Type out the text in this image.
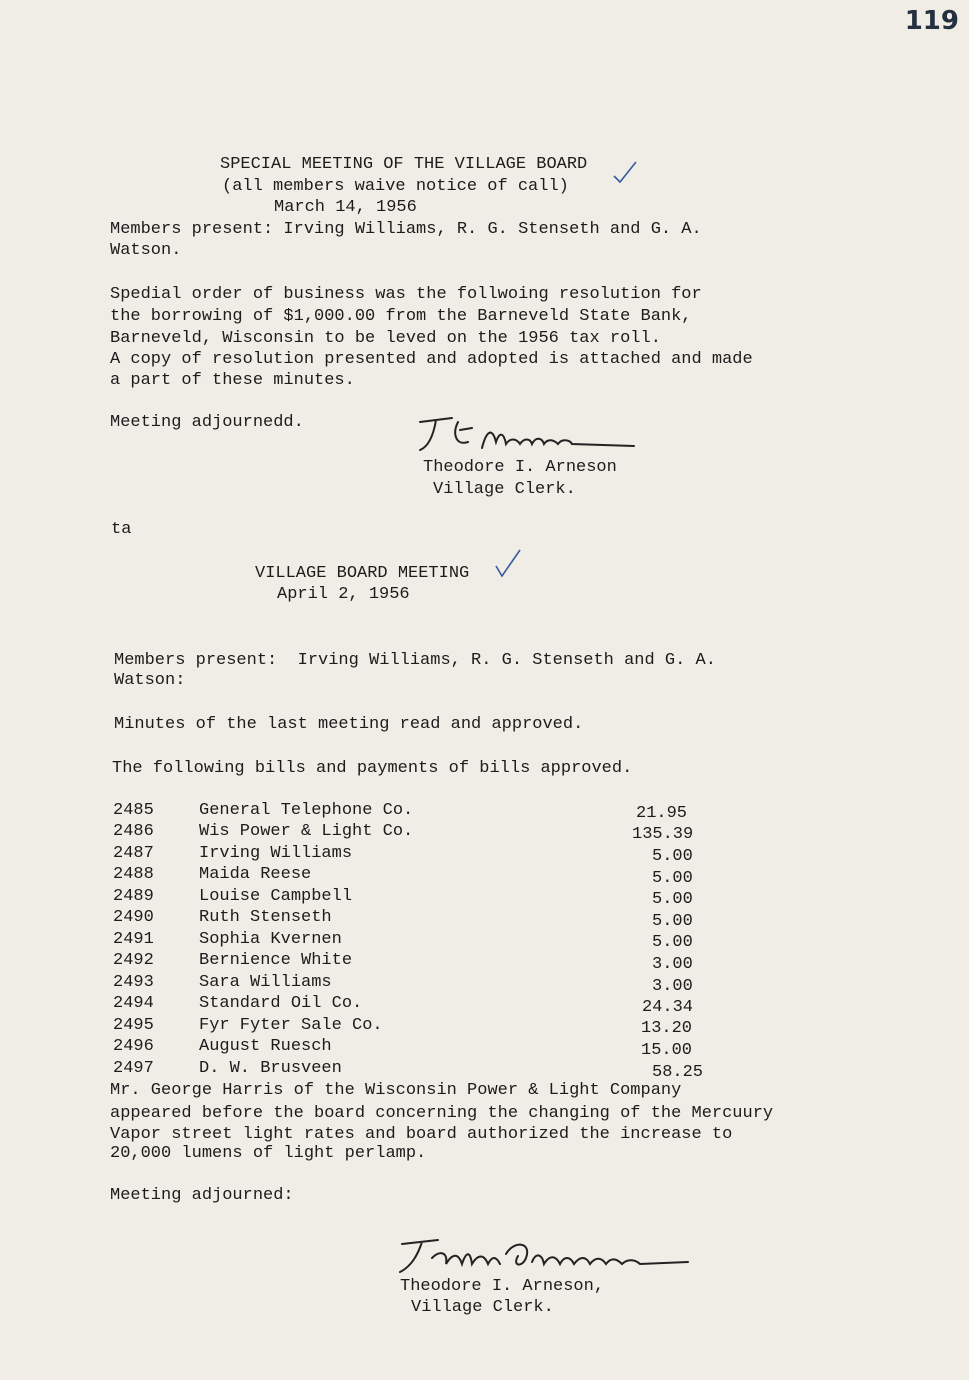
119
SPECIAL MEETING OF THE VILLAGE BOARD
(all members waive notice of call)
March 14, 1956
Members present: Irving Williams, R. G. Stenseth and G. A.
Watson.
Spedial order of business was the follwoing resolution for
the borrowing of $1,000.00 from the Barneveld State Bank,
Barneveld, Wisconsin to be leved on the 1956 tax roll.
A copy of resolution presented and adopted is attached and made
a part of these minutes.
Meeting adjournedd.
Theodore I. Arneson
Village Clerk.
ta
VILLAGE BOARD MEETING
April 2, 1956
Members present:  Irving Williams, R. G. Stenseth and G. A.
Watson:
Minutes of the last meeting read and approved.
The following bills and payments of bills approved.
2485	General Telephone Co.	21.95
2486	Wis Power & Light Co.	135.39
2487	Irving Williams	5.00
2488	Maida Reese	5.00
2489	Louise Campbell	5.00
2490	Ruth Stenseth	5.00
2491	Sophia Kvernen	5.00
2492	Bernience White	3.00
2493	Sara Williams	3.00
2494	Standard Oil Co.	24.34
2495	Fyr Fyter Sale Co.	13.20
2496	August Ruesch	15.00
2497	D. W. Brusveen	58.25
Mr. George Harris of the Wisconsin Power & Light Company
appeared before the board concerning the changing of the Mercuury
Vapor street light rates and board authorized the increase to
20,000 lumens of light perlamp.
Meeting adjourned:
Theodore I. Arneson,
Village Clerk.
